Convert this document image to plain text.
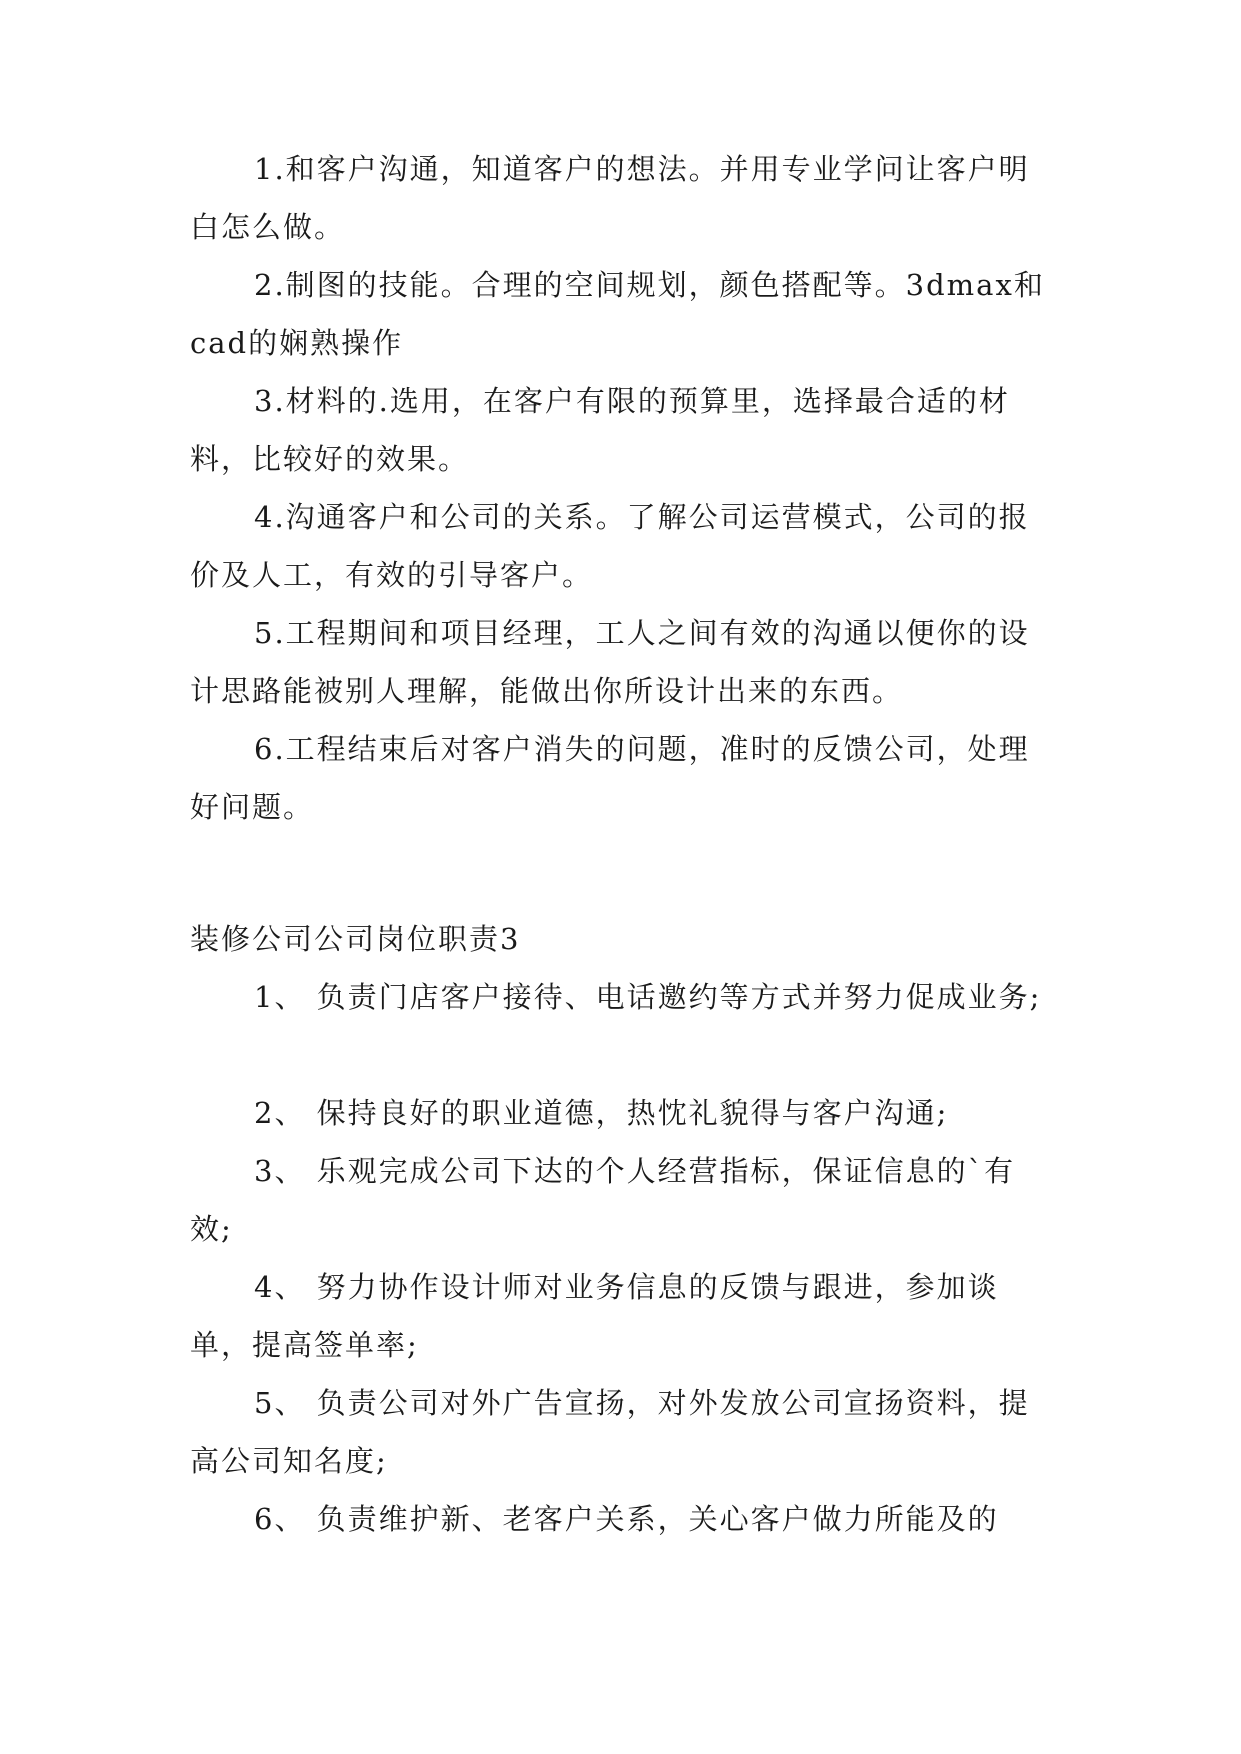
1.和客户沟通，知道客户的想法。并用专业学问让客户明白怎么做。

2.制图的技能。合理的空间规划，颜色搭配等。3dmax和cad的娴熟操作

3.材料的.选用，在客户有限的预算里，选择最合适的材料，比较好的效果。

4.沟通客户和公司的关系。了解公司运营模式，公司的报价及人工，有效的引导客户。

5.工程期间和项目经理，工人之间有效的沟通以便你的设计思路能被别人理解，能做出你所设计出来的东西。

6.工程结束后对客户消失的问题，准时的反馈公司，处理好问题。

装修公司公司岗位职责3

1、 负责门店客户接待、电话邀约等方式并努力促成业务;

2、 保持良好的职业道德，热忱礼貌得与客户沟通;

3、 乐观完成公司下达的个人经营指标，保证信息的`有效;

4、 努力协作设计师对业务信息的反馈与跟进，参加谈单，提高签单率;

5、 负责公司对外广告宣扬，对外发放公司宣扬资料，提高公司知名度;

6、 负责维护新、老客户关系，关心客户做力所能及的
